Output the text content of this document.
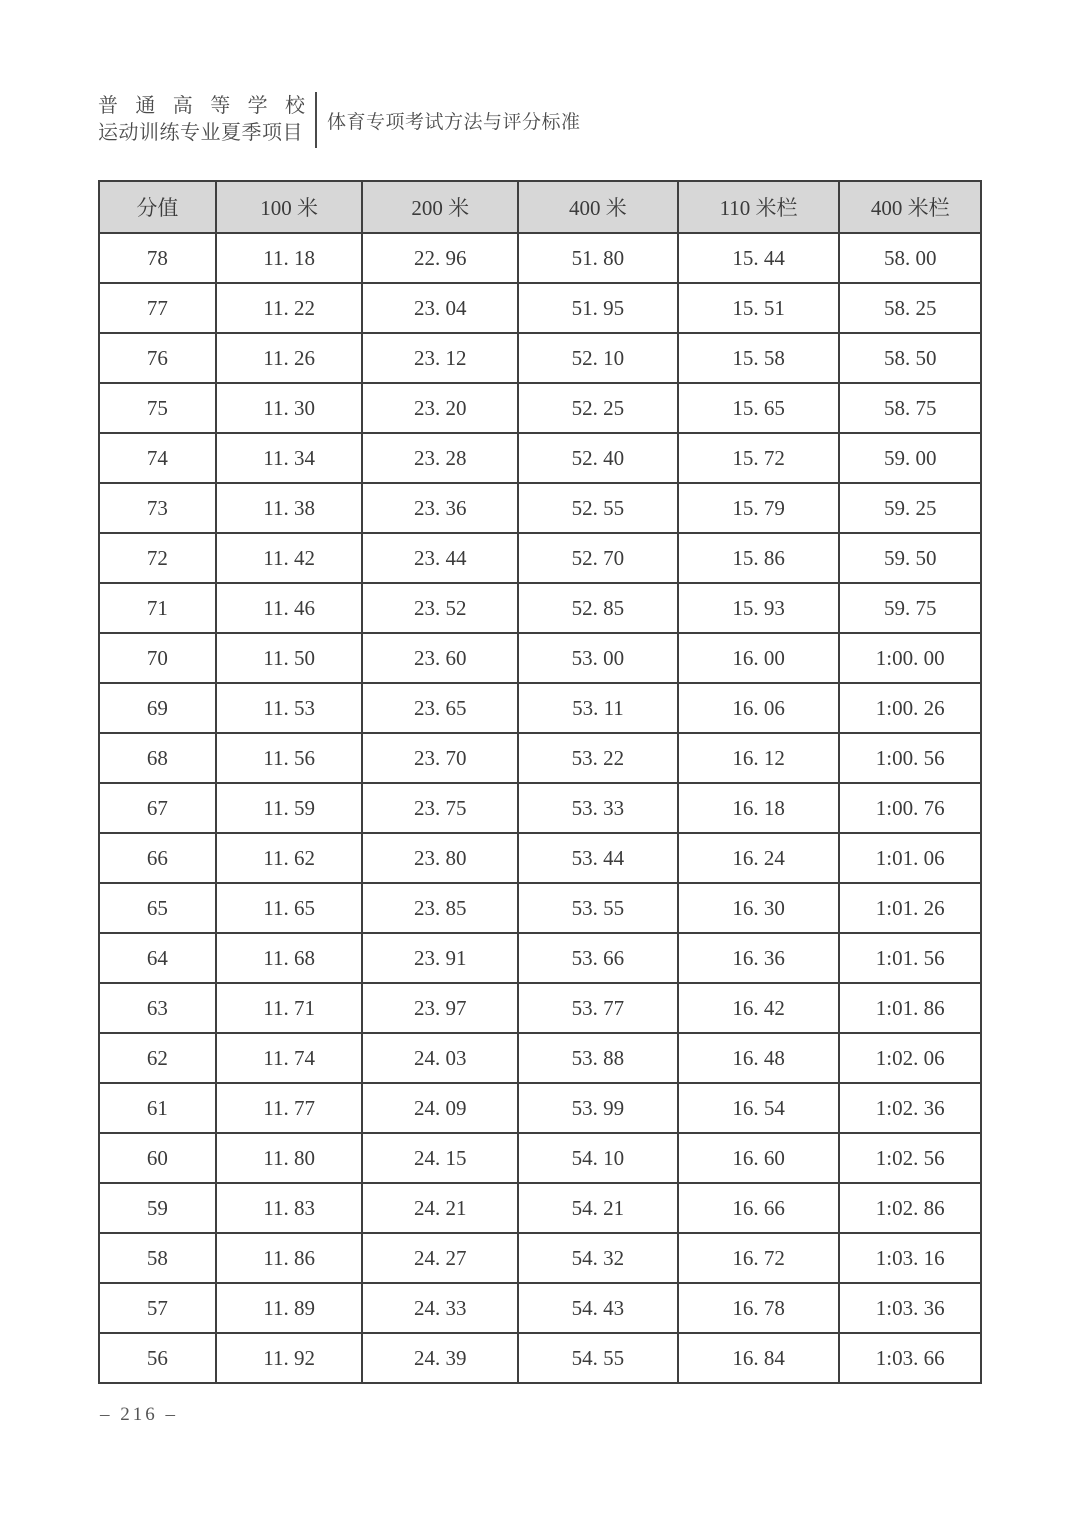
普通高等学校
运动训练专业夏季项目 体育专项考试方法与评分标准
分值	100 米	200 米	400 米	110 米栏	400 米栏
78	11. 18	22. 96	51. 80	15. 44	58. 00
77	11. 22	23. 04	51. 95	15. 51	58. 25
76	11. 26	23. 12	52. 10	15. 58	58. 50
75	11. 30	23. 20	52. 25	15. 65	58. 75
74	11. 34	23. 28	52. 40	15. 72	59. 00
73	11. 38	23. 36	52. 55	15. 79	59. 25
72	11. 42	23. 44	52. 70	15. 86	59. 50
71	11. 46	23. 52	52. 85	15. 93	59. 75
70	11. 50	23. 60	53. 00	16. 00	1:00. 00
69	11. 53	23. 65	53. 11	16. 06	1:00. 26
68	11. 56	23. 70	53. 22	16. 12	1:00. 56
67	11. 59	23. 75	53. 33	16. 18	1:00. 76
66	11. 62	23. 80	53. 44	16. 24	1:01. 06
65	11. 65	23. 85	53. 55	16. 30	1:01. 26
64	11. 68	23. 91	53. 66	16. 36	1:01. 56
63	11. 71	23. 97	53. 77	16. 42	1:01. 86
62	11. 74	24. 03	53. 88	16. 48	1:02. 06
61	11. 77	24. 09	53. 99	16. 54	1:02. 36
60	11. 80	24. 15	54. 10	16. 60	1:02. 56
59	11. 83	24. 21	54. 21	16. 66	1:02. 86
58	11. 86	24. 27	54. 32	16. 72	1:03. 16
57	11. 89	24. 33	54. 43	16. 78	1:03. 36
56	11. 92	24. 39	54. 55	16. 84	1:03. 66
– 216 –
